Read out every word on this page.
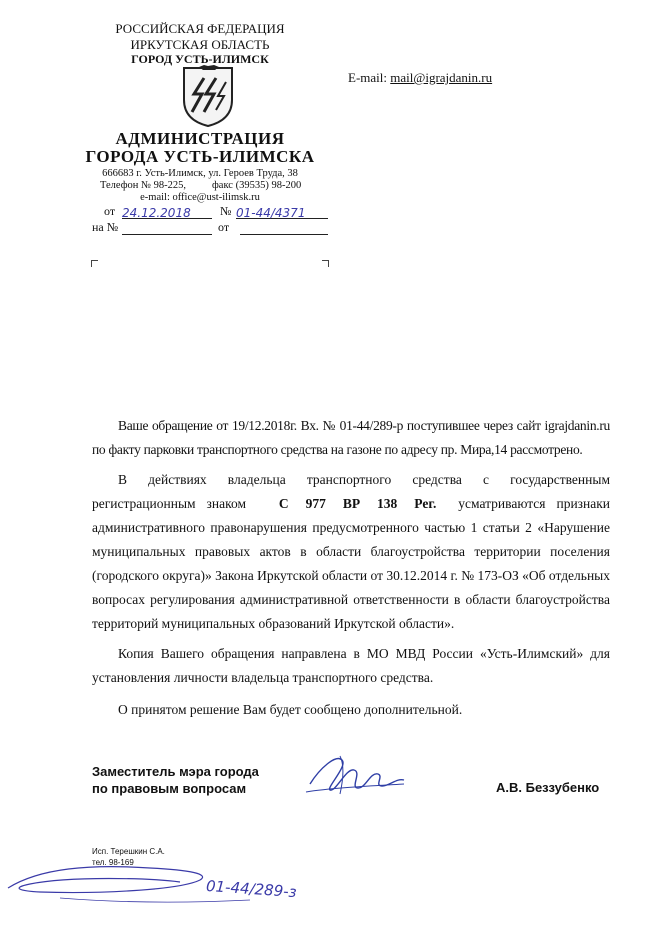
РОССИЙСКАЯ ФЕДЕРАЦИЯ
ИРКУТСКАЯ ОБЛАСТЬ
ГОРОД УСТЬ-ИЛИМСК
АДМИНИСТРАЦИЯ
ГОРОДА УСТЬ-ИЛИМСКА
666683 г. Усть-Илимск, ул. Героев Труда, 38
Телефон № 98-225, факс (39535) 98-200
e-mail: office@ust-ilimsk.ru
от 24.12.2018	№ 01-44/4371
на №	от
E-mail: mail@igrajdanin.ru

Ваше обращение от 19/12.2018г. Вх. № 01-44/289-р поступившее через сайт igrajdanin.ru по факту парковки транспортного средства на газоне по адресу пр. Мира,14 рассмотрено.

В действиях владельца транспортного средства с государственным регистрационным знаком С 977 ВР 138 Рег. усматриваются признаки административного правонарушения предусмотренного частью 1 статьи 2 «Нарушение муниципальных правовых актов в области благоустройства территории поселения (городского округа)» Закона Иркутской области от 30.12.2014 г. № 173-ОЗ «Об отдельных вопросах регулирования административной ответственности в области благоустройства территорий муниципальных образований Иркутской области».

Копия Вашего обращения направлена в МО МВД России «Усть-Илимский» для установления личности владельца транспортного средства.

О принятом решение Вам будет сообщено дополнительной.

Заместитель мэра города
по правовым вопросам	А.В. Беззубенко
Исп. Терешкин С.А.
тел. 98-169
01-44/289-з
